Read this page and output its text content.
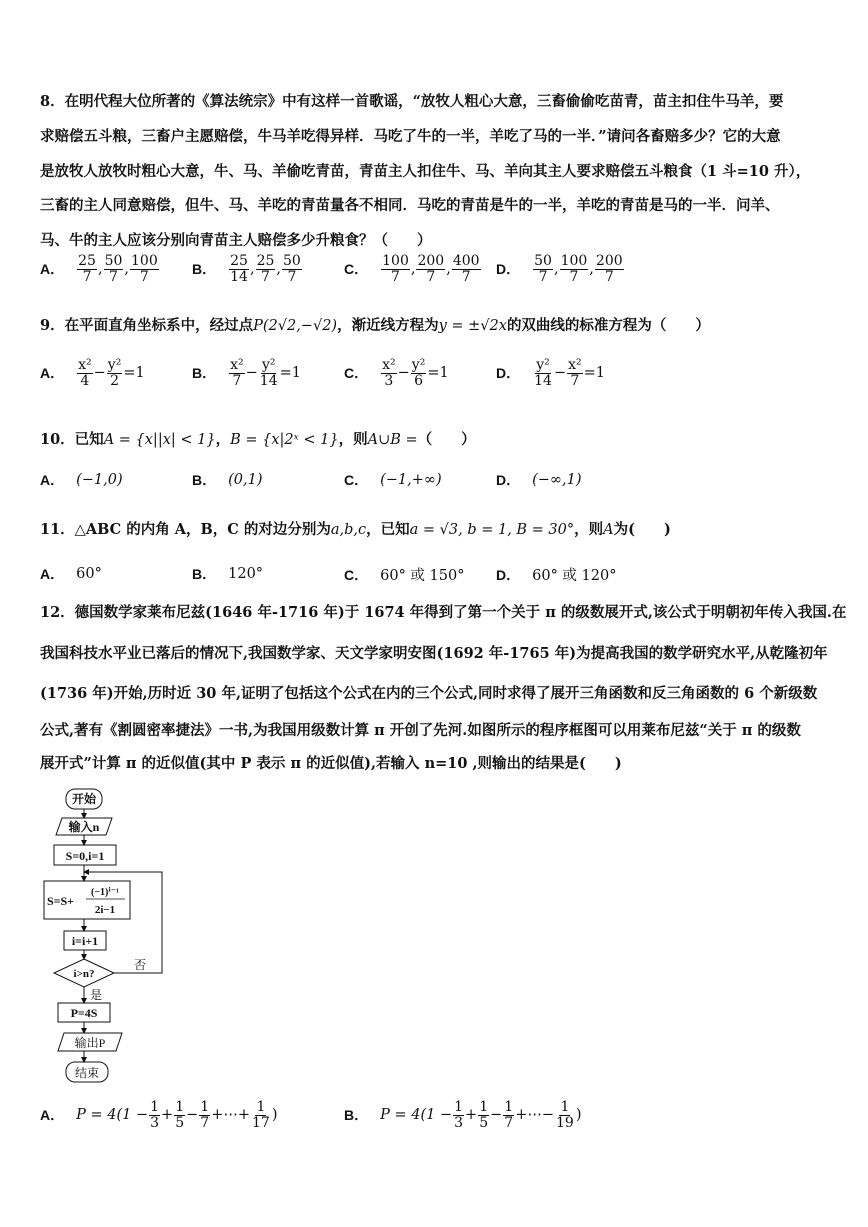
8．在明代程大位所著的《算法统宗》中有这样一首歌谣，“放牧人粗心大意，三畜偷偷吃苗青，苗主扣住牛马羊，要
求赔偿五斗粮，三畜户主愿赔偿，牛马羊吃得异样．马吃了牛的一半，羊吃了马的一半．”请问各畜赔多少？它的大意
是放牧人放牧时粗心大意，牛、马、羊偷吃青苗，青苗主人扣住牛、马、羊向其主人要求赔偿五斗粮食（1 斗=10 升），
三畜的主人同意赔偿，但牛、马、羊吃的青苗量各不相同．马吃的青苗是牛的一半，羊吃的青苗是马的一半．问羊、
马、牛的主人应该分别向青苗主人赔偿多少升粮食？（　　）
9．在平面直角坐标系中，经过点P(2√2,−√2)，渐近线方程为y = ±√2x的双曲线的标准方程为（　　）
10．已知A = {x||x| < 1}，B = {x|2ˣ < 1}，则A∪B =（　　）
11．△ABC 的内角 A，B，C 的对边分别为a,b,c，已知a = √3, b = 1, B = 30°，则A为(　　)
12．德国数学家莱布尼兹(1646 年-1716 年)于 1674 年得到了第一个关于 π 的级数展开式,该公式于明朝初年传入我国.在
我国科技水平业已落后的情况下,我国数学家、天文学家明安图(1692 年-1765 年)为提高我国的数学研究水平,从乾隆初年
(1736 年)开始,历时近 30 年,证明了包括这个公式在内的三个公式,同时求得了展开三角函数和反三角函数的 6 个新级数
公式,著有《割圆密率捷法》一书,为我国用级数计算 π 开创了先河.如图所示的程序框图可以用莱布尼兹“关于 π 的级数
展开式”计算 π 的近似值(其中 P 表示 π 的近似值),若输入 n=10 ,则输出的结果是(　　)
开始
输入n
S=0,i=1
S=S+
(−1)ⁱ⁻¹
2i−1
i=i+1
i>n?
否
是
P=4S
输出P
结束
A． $\frac{25}{7}$ , $\frac{50}{7}$ , $\frac{100}{7}$ B． $\frac{25}{14}$ , $\frac{25}{7}$ , $\frac{50}{7}$	C． $\frac{100}{7}$ , $\frac{200}{7}$ , $\frac{400}{7}$ D． $\frac{50}{7}$ , $\frac{100}{7}$ , $\frac{200}{7}$
A． $\frac{\text{x²}}{4} - \frac{\text{y²}}{2} =1$	B． $\frac{\text{x²}}{7} - \frac{\text{y²}}{14} =1$	C． $\frac{\text{x²}}{3} - \frac{\text{y²}}{6} =1$	D． $\frac{\text{y²}}{14} - \frac{\text{x²}}{7} =1$
A． (−1,0)	B． (0,1)	C． (−1,+∞)	D． (−∞,1)
A． 60°	B． 120°	C． 60° 或 150° D． 60° 或 120°
A． $P = 4(1 - \frac{1}{3} + \frac{1}{5} - \frac{1}{7}$ +⋯+ $\frac{1}{17}$ )	B． $P = 4(1 - \frac{1}{3} + \frac{1}{5} - \frac{1}{7}$ +⋯− $\frac{1}{19}$ )
